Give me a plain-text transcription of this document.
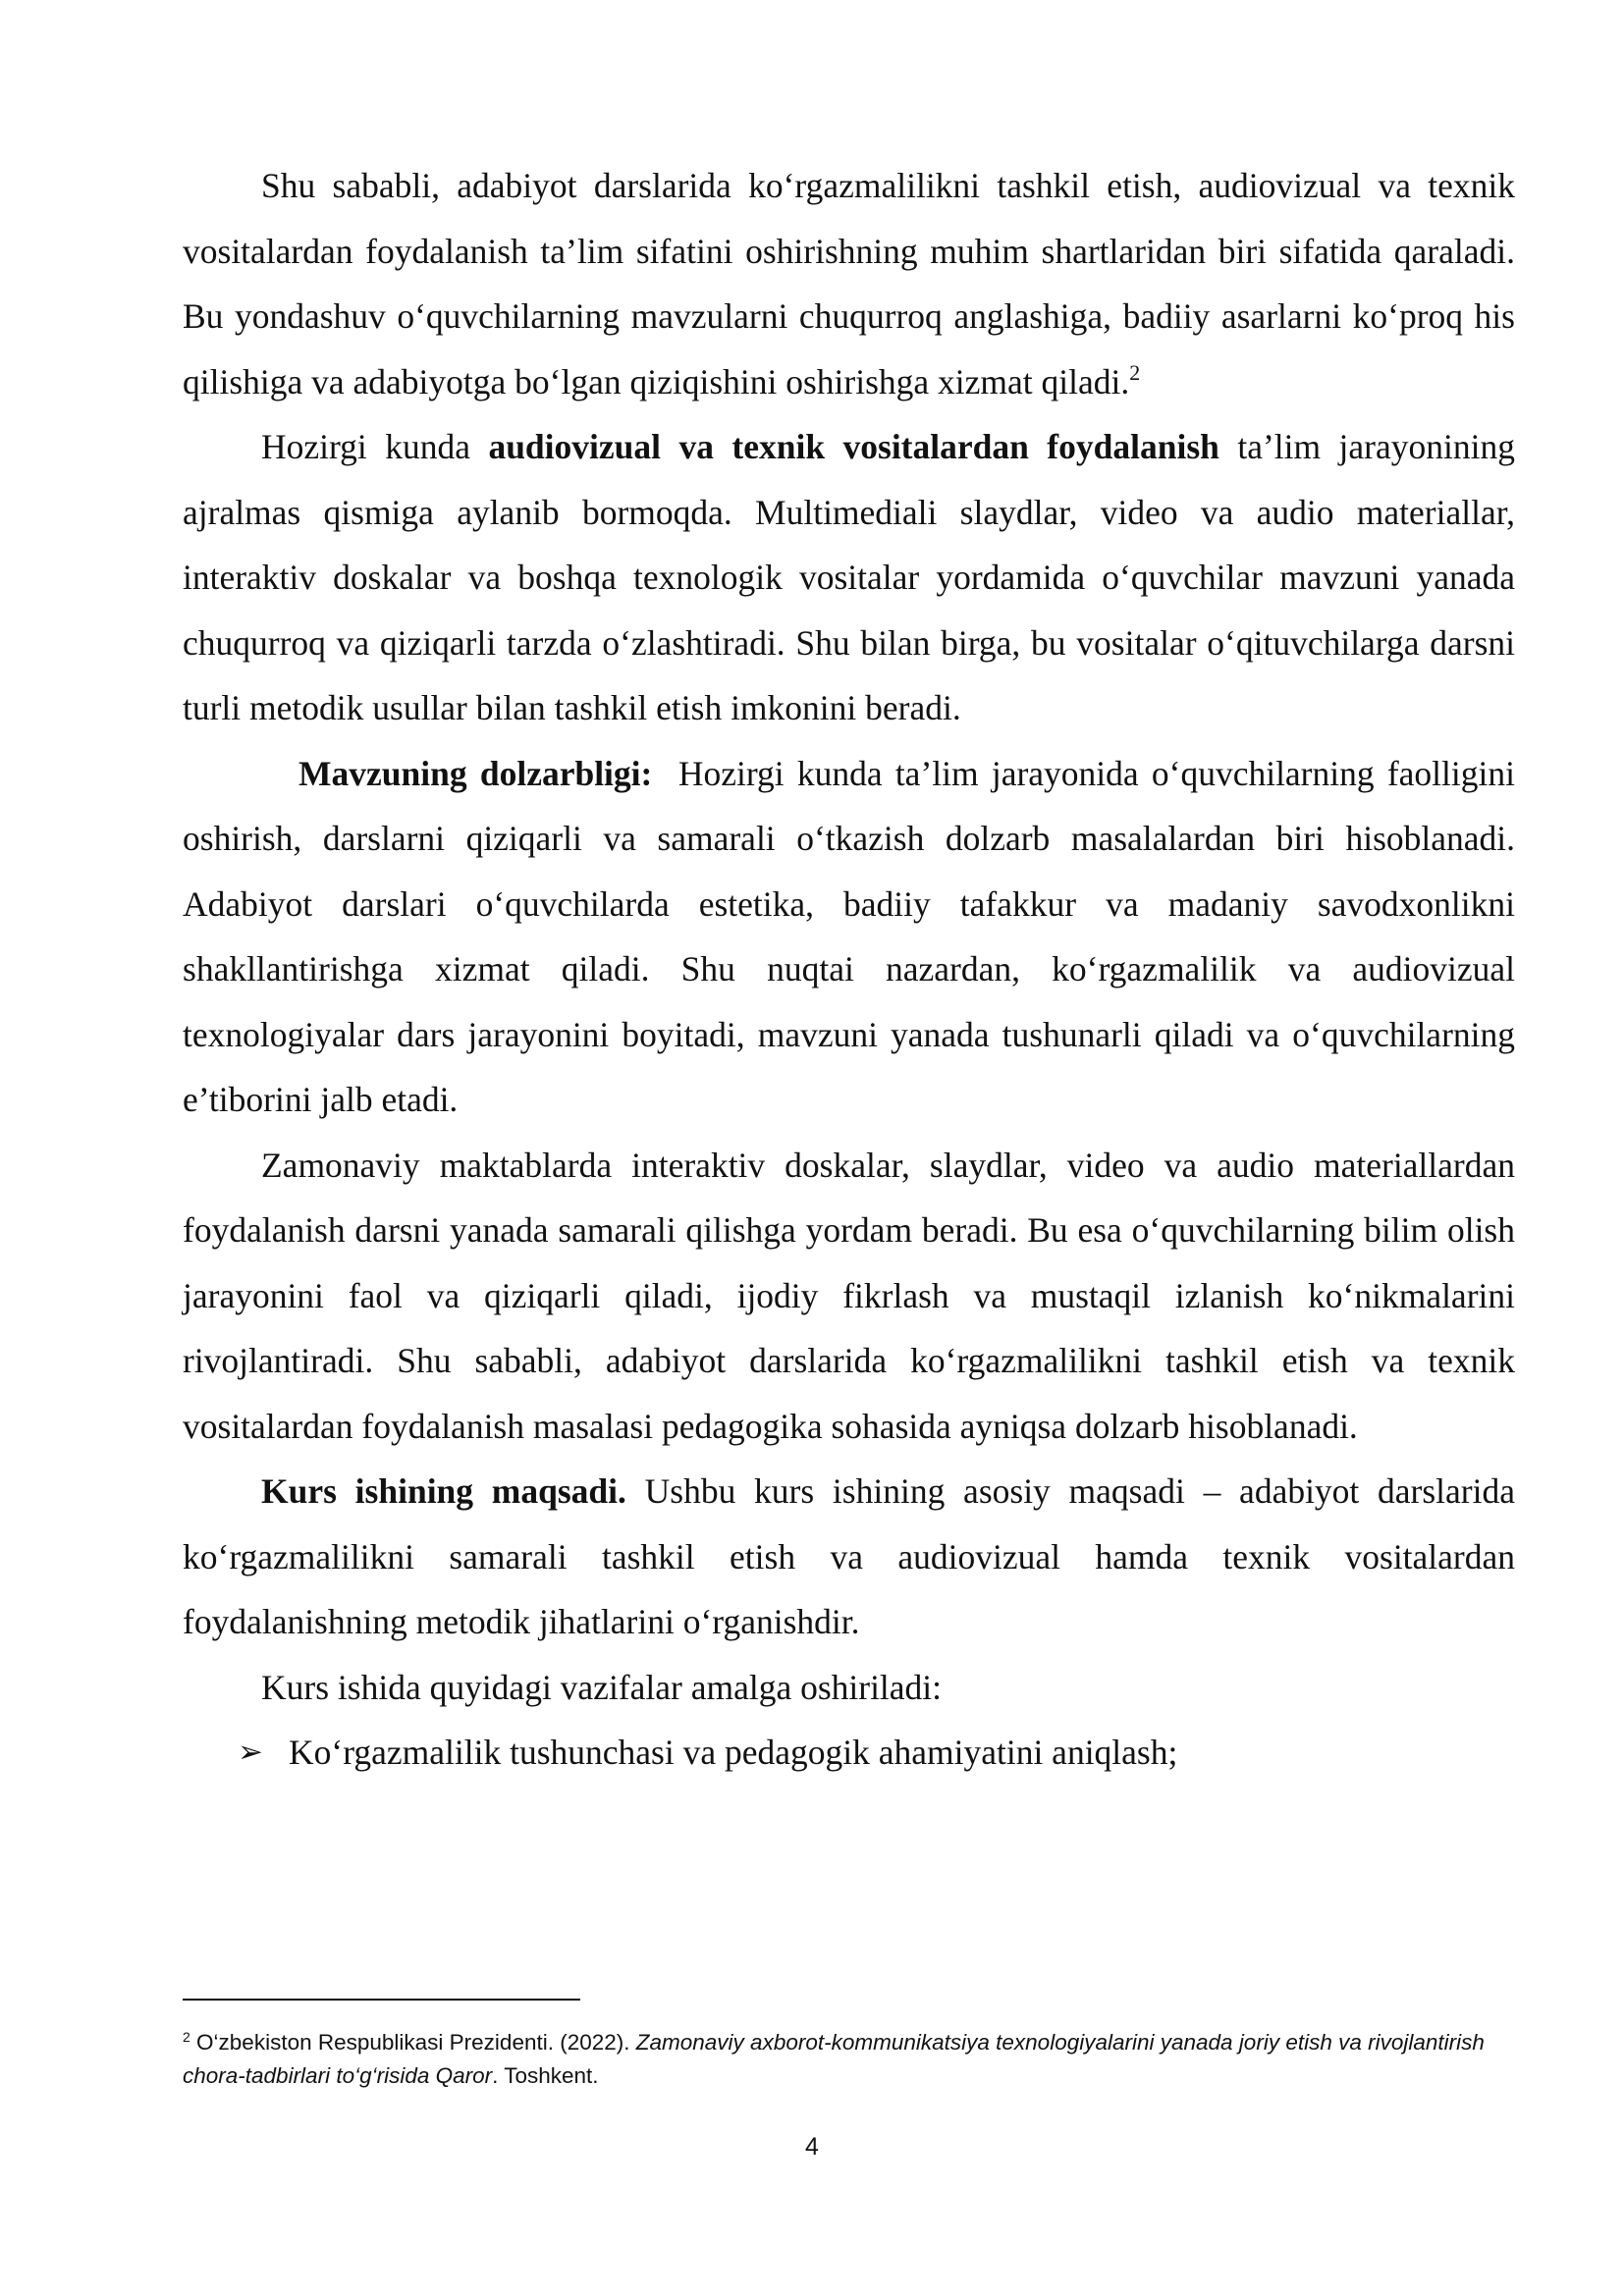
Shu sababli, adabiyot darslarida ko‘rgazmalilikni tashkil etish, audiovizual va texnik vositalardan foydalanish ta’lim sifatini oshirishning muhim shartlaridan biri sifatida qaraladi. Bu yondashuv o‘quvchilarning mavzularni chuqurroq anglashiga, badiiy asarlarni ko‘proq his qilishiga va adabiyotga bo‘lgan qiziqishini oshirishga xizmat qiladi.$^2$

Hozirgi kunda audiovizual va texnik vositalardan foydalanish ta’lim jarayonining ajralmas qismiga aylanib bormoqda. Multimediali slaydlar, video va audio materiallar, interaktiv doskalar va boshqa texnologik vositalar yordamida o‘quvchilar mavzuni yanada chuqurroq va qiziqarli tarzda o‘zlashtiradi. Shu bilan birga, bu vositalar o‘qituvchilarga darsni turli metodik usullar bilan tashkil etish imkonini beradi.

Mavzuning dolzarbligi:  Hozirgi kunda ta’lim jarayonida o‘quvchilarning faolligini oshirish, darslarni qiziqarli va samarali o‘tkazish dolzarb masalalardan biri hisoblanadi. Adabiyot darslari o‘quvchilarda estetika, badiiy tafakkur va madaniy savodxonlikni shakllantirishga xizmat qiladi. Shu nuqtai nazardan, ko‘rgazmalilik va audiovizual texnologiyalar dars jarayonini boyitadi, mavzuni yanada tushunarli qiladi va o‘quvchilarning e’tiborini jalb etadi.

Zamonaviy maktablarda interaktiv doskalar, slaydlar, video va audio materiallardan foydalanish darsni yanada samarali qilishga yordam beradi. Bu esa o‘quvchilarning bilim olish jarayonini faol va qiziqarli qiladi, ijodiy fikrlash va mustaqil izlanish ko‘nikmalarini rivojlantiradi. Shu sababli, adabiyot darslarida ko‘rgazmalilikni tashkil etish va texnik vositalardan foydalanish masalasi pedagogika sohasida ayniqsa dolzarb hisoblanadi.

Kurs ishining maqsadi. Ushbu kurs ishining asosiy maqsadi – adabiyot darslarida ko‘rgazmalilikni samarali tashkil etish va audiovizual hamda texnik vositalardan foydalanishning metodik jihatlarini o‘rganishdir.

Kurs ishida quyidagi vazifalar amalga oshiriladi:

➢ Ko‘rgazmalilik tushunchasi va pedagogik ahamiyatini aniqlash;

$^2$ O‘zbekiston Respublikasi Prezidenti. (2022). Zamonaviy axborot-kommunikatsiya texnologiyalarini yanada joriy etish va rivojlantirish chora-tadbirlari to‘g‘risida Qaror. Toshkent.

4
